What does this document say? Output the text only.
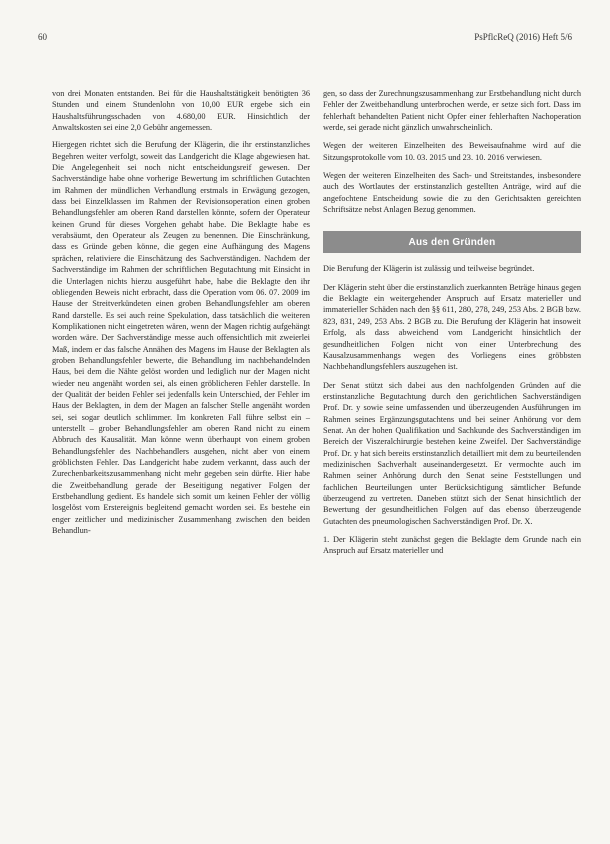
60	PsPflcReQ (2016) Heft 5/6

von drei Monaten entstanden. Bei für die Haushaltstätigkeit benötigten 36 Stunden und einem Stundenlohn von 10,00 EUR ergebe sich ein Haushaltsführungsschaden von 4.680,00 EUR. Hinsichtlich der Anwaltskosten sei eine 2,0 Gebühr angemessen.

Hiergegen richtet sich die Berufung der Klägerin, die ihr erstinstanzliches Begehren weiter verfolgt, soweit das Landgericht die Klage abgewiesen hat. Die Angelegenheit sei noch nicht entscheidungsreif gewesen. Der Sachverständige habe ohne vorherige Bewertung im schriftlichen Gutachten im Rahmen der mündlichen Verhandlung erstmals in Erwägung gezogen, dass bei Einzelklassen im Rahmen der Revisionsoperation einen groben Behandlungsfehler am oberen Rand darstellen könnte, sofern der Operateur keinen Grund für dieses Vorgehen gehabt habe. Die Beklagte habe es verabsäumt, den Operateur als Zeugen zu benennen. Die Einschränkung, dass es Gründe geben könne, die gegen eine Aufhängung des Magens sprächen, relativiere die Einschätzung des Sachverständigen. Nachdem der Sachverständige im Rahmen der schriftlichen Begutachtung mit Einsicht in die Unterlagen nichts hierzu ausgeführt habe, habe die Beklagte den ihr obliegenden Beweis nicht erbracht, dass die Operation vom 06. 07. 2009 im Hause der Streitverkündeten einen groben Behandlungsfehler am oberen Rand darstelle. Es sei auch reine Spekulation, dass tatsächlich die weiteren Komplikationen nicht eingetreten wären, wenn der Magen richtig aufgehängt worden wäre. Der Sachverständige messe auch offensichtlich mit zweierlei Maß, indem er das falsche Annähen des Magens im Hause der Beklagten als groben Behandlungsfehler bewerte, die Behandlung im nachbehandelnden Haus, bei dem die Nähte gelöst worden und lediglich nur der Magen nicht wieder neu angenäht worden sei, als einen gröblicheren Fehler darstelle. In der Qualität der beiden Fehler sei jedenfalls kein Unterschied, der Fehler im Haus der Beklagten, in dem der Magen an falscher Stelle angenäht worden sei, sei sogar deutlich schlimmer. Im konkreten Fall führe selbst ein – unterstellt – grober Behandlungsfehler am oberen Rand nicht zu einem Abbruch des Kausalität. Man könne wenn überhaupt von einem groben Behandlungsfehler des Nachbehandlers ausgehen, nicht aber von einem gröblichsten Fehler. Das Landgericht habe zudem verkannt, dass auch der Zurechenbarkeitszusammenhang nicht mehr gegeben sein dürfte. Hier habe die Zweitbehandlung gerade der Beseitigung negativer Folgen der Erstbehandlung gedient. Es handele sich somit um keinen Fehler der völlig losgelöst vom Erstereignis begleitend gemacht worden sei. Es bestehe ein enger zeitlicher und medizinischer Zusammenhang zwischen den beiden Behandlun-

gen, so dass der Zurechnungszusammenhang zur Erstbehandlung nicht durch Fehler der Zweitbehandlung unterbrochen werde, er setze sich fort. Dass im fehlerhaft behandelten Patient nicht Opfer einer fehlerhaften Nachoperation werde, sei gerade nicht gänzlich unwahrscheinlich.

Wegen der weiteren Einzelheiten des Beweisaufnahme wird auf die Sitzungsprotokolle vom 10. 03. 2015 und 23. 10. 2016 verwiesen.

Wegen der weiteren Einzelheiten des Sach- und Streitstandes, insbesondere auch des Wortlautes der erstinstanzlich gestellten Anträge, wird auf die angefochtene Entscheidung sowie die zu den Gerichtsakten gereichten Schriftsätze nebst Anlagen Bezug genommen.

Aus den Gründen

Die Berufung der Klägerin ist zulässig und teilweise begründet.

Der Klägerin steht über die erstinstanzlich zuerkannten Beträge hinaus gegen die Beklagte ein weitergehender Anspruch auf Ersatz materieller und immaterieller Schäden nach den §§ 611, 280, 278, 249, 253 Abs. 2 BGB bzw. 823, 831, 249, 253 Abs. 2 BGB zu. Die Berufung der Klägerin hat insoweit Erfolg, als dass abweichend vom Landgericht hinsichtlich der gesundheitlichen Folgen nicht von einer Unterbrechung des Kausalzusammenhangs wegen des Vorliegens eines gröbbsten Nachbehandlungsfehlers auszugehen ist.

Der Senat stützt sich dabei aus den nachfolgenden Gründen auf die erstinstanzliche Begutachtung durch den gerichtlichen Sachverständigen Prof. Dr. y sowie seine umfassenden und überzeugenden Ausführungen im Rahmen seines Ergänzungsgutachtens und bei seiner Anhörung vor dem Senat. An der hohen Qualifikation und Sachkunde des Sachverständigen im Bereich der Viszeralchirurgie bestehen keine Zweifel. Der Sachverständige Prof. Dr. y hat sich bereits erstinstanzlich detailliert mit dem zu beurteilenden medizinischen Sachverhalt auseinandergesetzt. Er vermochte auch im Rahmen seiner Anhörung durch den Senat seine Feststellungen und fachlichen Beurteilungen unter Berücksichtigung sämtlicher Befunde überzeugend zu vertreten. Daneben stützt sich der Senat hinsichtlich der Bewertung der gesundheitlichen Folgen auf das ebenso überzeugende Gutachten des pneumologischen Sachverständigen Prof. Dr. X.

1. Der Klägerin steht zunächst gegen die Beklagte dem Grunde nach ein Anspruch auf Ersatz materieller und
